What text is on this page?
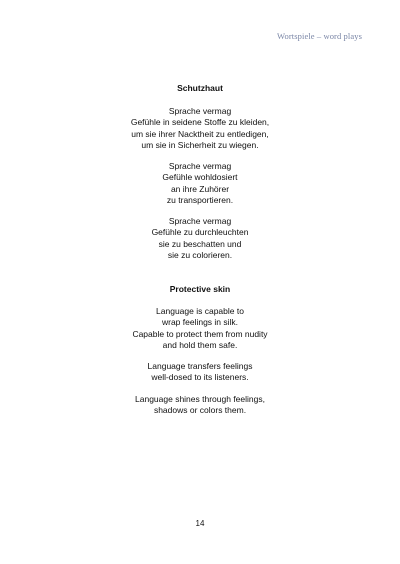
Wortspiele – word plays

Schutzhaut

Sprache vermag

Gefühle in seidene Stoffe zu kleiden,

um sie ihrer Nacktheit zu entledigen,

um sie in Sicherheit zu wiegen.

Sprache vermag

Gefühle wohldosiert

an ihre Zuhörer

zu transportieren.

Sprache vermag

Gefühle zu durchleuchten

sie zu beschatten und

sie zu colorieren.

Protective skin

Language is capable to

wrap feelings in silk.

Capable to protect them from nudity

and hold them safe.

Language transfers feelings

well-dosed to its listeners.

Language shines through feelings,

shadows or colors them.

14
